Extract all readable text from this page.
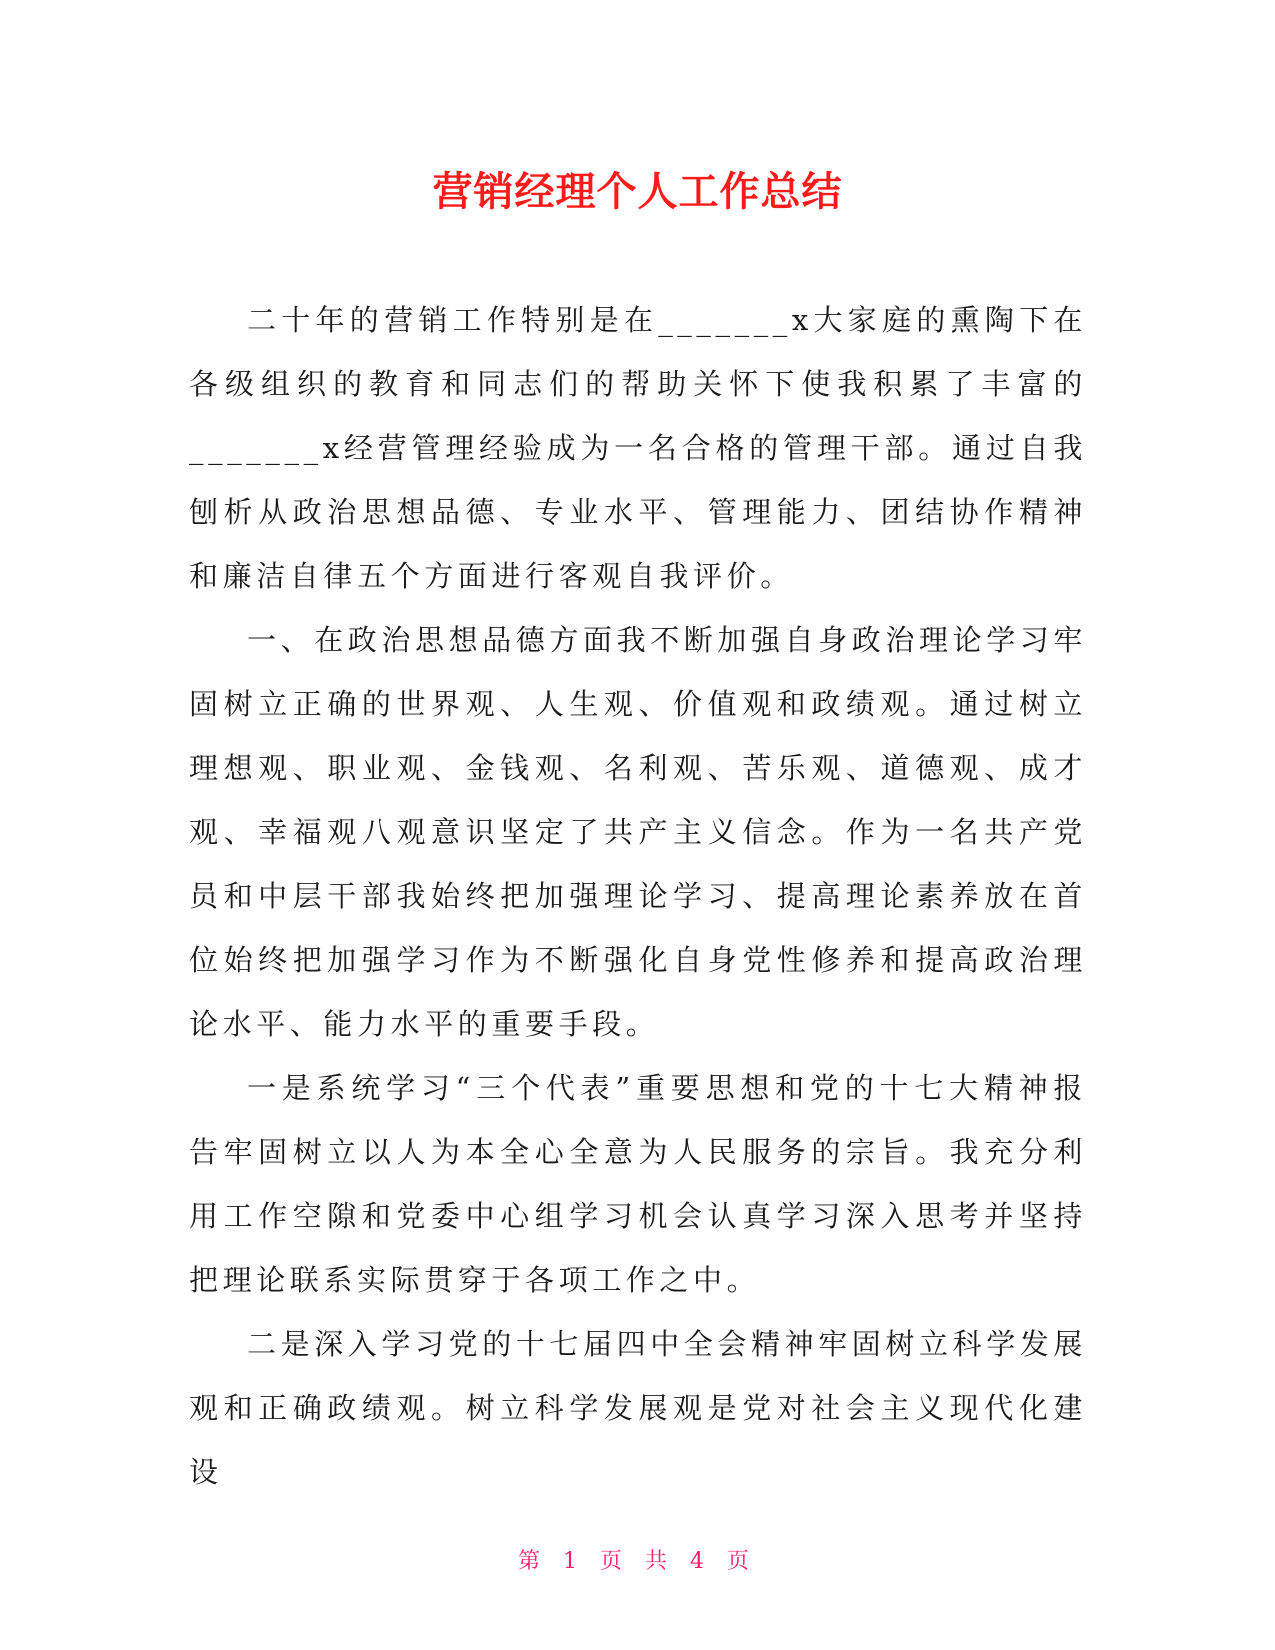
营销经理个人工作总结

二十年的营销工作特别是在_______x大家庭的熏陶下在各级组织的教育和同志们的帮助关怀下使我积累了丰富的_______x经营管理经验成为一名合格的管理干部。通过自我刨析从政治思想品德、专业水平、管理能力、团结协作精神和廉洁自律五个方面进行客观自我评价。

一、在政治思想品德方面我不断加强自身政治理论学习牢固树立正确的世界观、人生观、价值观和政绩观。通过树立理想观、职业观、金钱观、名利观、苦乐观、道德观、成才观、幸福观八观意识坚定了共产主义信念。作为一名共产党员和中层干部我始终把加强理论学习、提高理论素养放在首位始终把加强学习作为不断强化自身党性修养和提高政治理论水平、能力水平的重要手段。

一是系统学习“三个代表”重要思想和党的十七大精神报告牢固树立以人为本全心全意为人民服务的宗旨。我充分利用工作空隙和党委中心组学习机会认真学习深入思考并坚持把理论联系实际贯穿于各项工作之中。

二是深入学习党的十七届四中全会精神牢固树立科学发展观和正确政绩观。树立科学发展观是党对社会主义现代化建设

第 1 页 共 4 页
